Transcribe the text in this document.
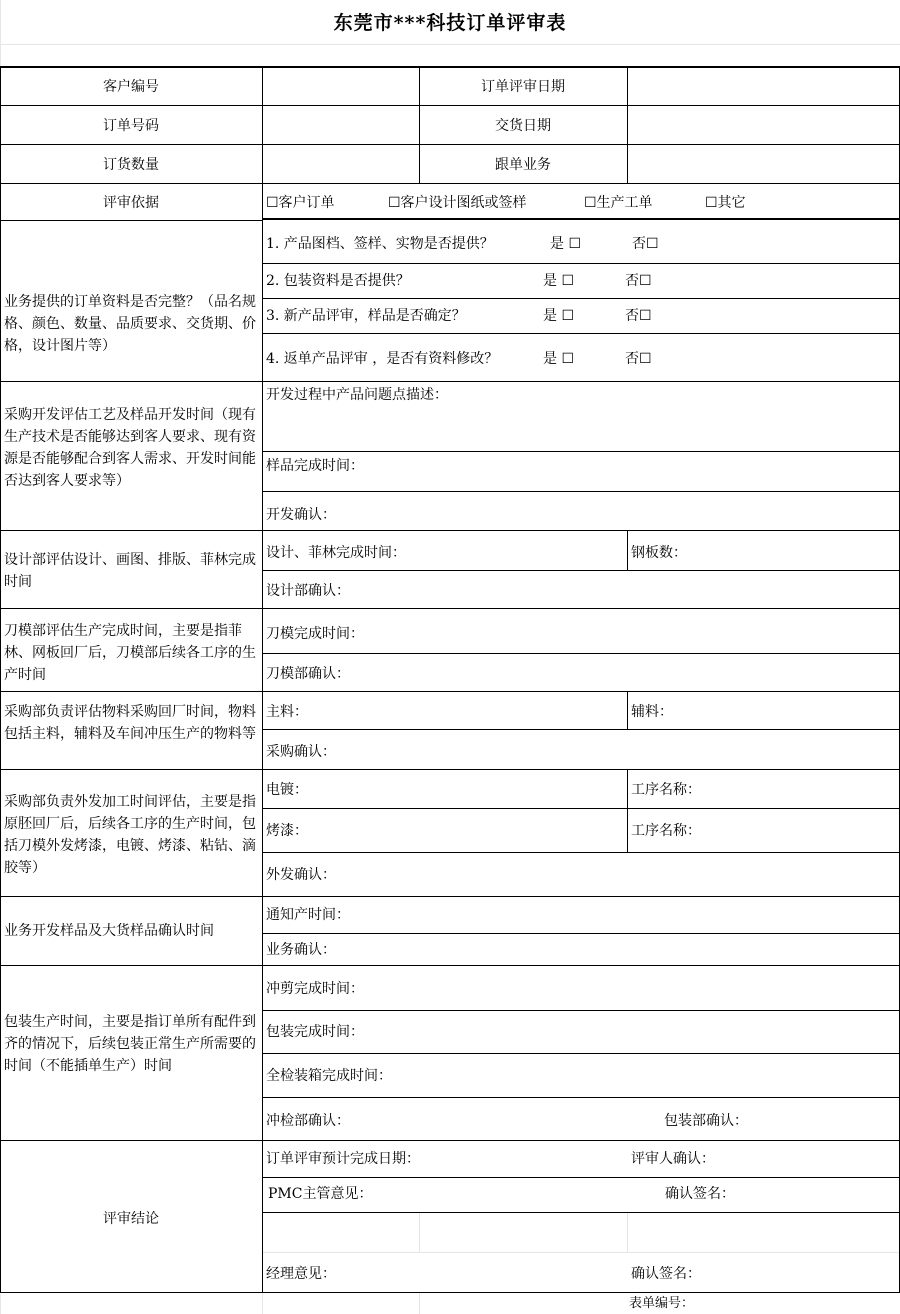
东莞市***科技订单评审表
客户编号	订单评审日期
订单号码	交货日期
订货数量	跟单业务
评审依据	☐客户订单	☐客户设计图纸或签样	☐生产工单	☐其它
业务提供的订单资料是否完整？（品名规格、颜色、数量、品质要求、交货期、价格，设计图片等）
1. 产品图档、签样、实物是否提供？	是 ☐	否☐
2. 包装资料是否提供？	是 ☐	否☐
3. 新产品评审，样品是否确定？	是 ☐	否☐
4. 返单产品评审 ，是否有资料修改？	是 ☐	否☐
采购开发评估工艺及样品开发时间（现有生产技术是否能够达到客人要求、现有资源是否能够配合到客人需求、开发时间能否达到客人要求等）
开发过程中产品问题点描述：
样品完成时间：
开发确认：
设计部评估设计、画图、排版、菲林完成时间
设计、菲林完成时间：	钢板数：
设计部确认：
刀模部评估生产完成时间，主要是指菲林、网板回厂后，刀模部后续各工序的生产时间
刀模完成时间：
刀模部确认：
采购部负责评估物料采购回厂时间，物料包括主料，辅料及车间冲压生产的物料等
主料：	辅料：
采购确认：
采购部负责外发加工时间评估，主要是指原胚回厂后，后续各工序的生产时间，包括刀模外发烤漆，电镀、烤漆、粘钻、滴胶等）
电镀：	工序名称：
烤漆：	工序名称：
外发确认：
业务开发样品及大货样品确认时间
通知产时间：
业务确认：
包装生产时间，主要是指订单所有配件到齐的情况下，后续包装正常生产所需要的时间（不能插单生产）时间
冲剪完成时间：
包装完成时间：
全检装箱完成时间：
冲检部确认：	包装部确认：
评审结论
订单评审预计完成日期：	评审人确认：
PMC主管意见：	确认签名：
经理意见：	确认签名：
表单编号：
